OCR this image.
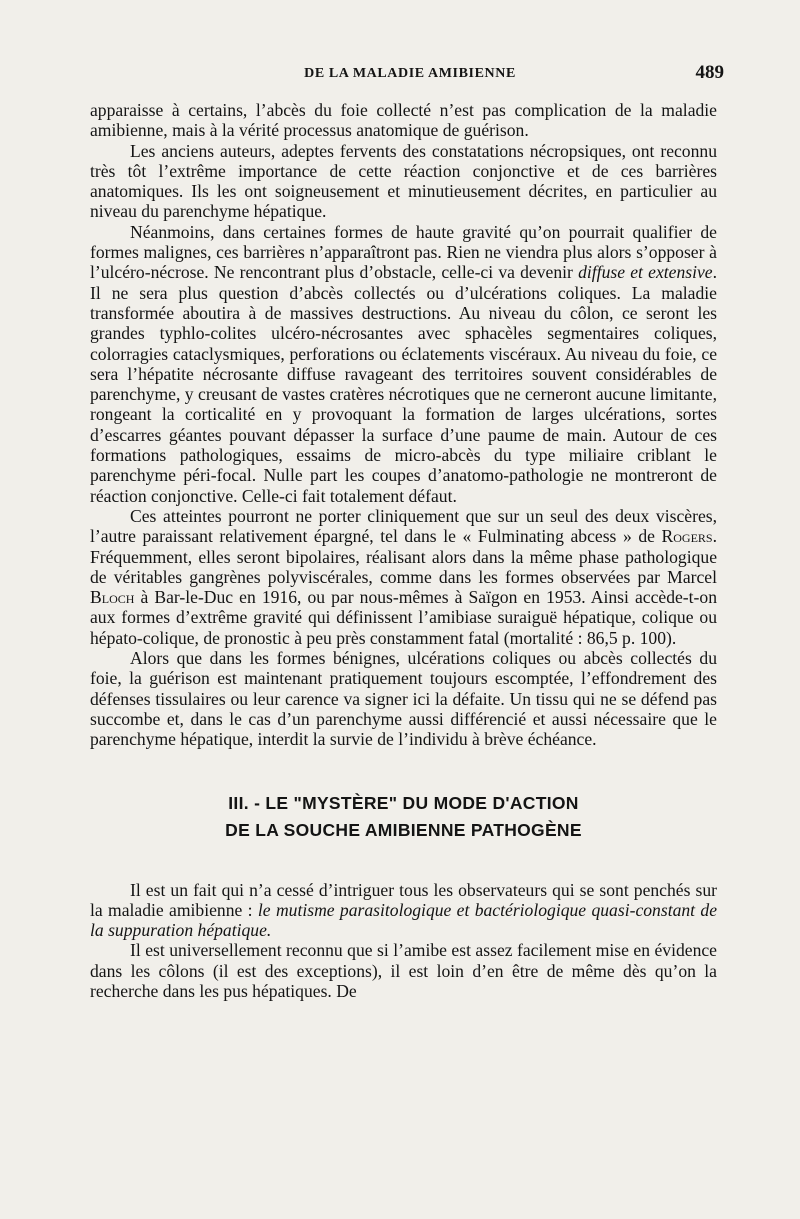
DE LA MALADIE AMIBIENNE	489

apparaisse à certains, l’abcès du foie collecté n’est pas complication de la maladie amibienne, mais à la vérité processus anatomique de guérison.

Les anciens auteurs, adeptes fervents des constatations nécropsiques, ont reconnu très tôt l’extrême importance de cette réaction conjonctive et de ces barrières anatomiques. Ils les ont soigneusement et minutieusement décrites, en particulier au niveau du parenchyme hépatique.

Néanmoins, dans certaines formes de haute gravité qu’on pourrait qualifier de formes malignes, ces barrières n’apparaîtront pas. Rien ne viendra plus alors s’opposer à l’ulcéro-nécrose. Ne rencontrant plus d’obstacle, celle-ci va devenir diffuse et extensive. Il ne sera plus question d’abcès collectés ou d’ulcérations coliques. La maladie transformée aboutira à de massives destructions. Au niveau du côlon, ce seront les grandes typhlo-colites ulcéro-nécrosantes avec sphacèles segmentaires coliques, colorragies cataclysmiques, perforations ou éclatements viscéraux. Au niveau du foie, ce sera l’hépatite nécrosante diffuse ravageant des territoires souvent considérables de parenchyme, y creusant de vastes cratères nécrotiques que ne cerneront aucune limitante, rongeant la corticalité en y provoquant la formation de larges ulcérations, sortes d’escarres géantes pouvant dépasser la surface d’une paume de main. Autour de ces formations pathologiques, essaims de micro-abcès du type miliaire criblant le parenchyme péri-focal. Nulle part les coupes d’anatomo-pathologie ne montreront de réaction conjonctive. Celle-ci fait totalement défaut.

Ces atteintes pourront ne porter cliniquement que sur un seul des deux viscères, l’autre paraissant relativement épargné, tel dans le « Fulminating abcess » de Rogers. Fréquemment, elles seront bipolaires, réalisant alors dans la même phase pathologique de véritables gangrènes polyviscérales, comme dans les formes observées par Marcel Bloch à Bar-le-Duc en 1916, ou par nous-mêmes à Saïgon en 1953. Ainsi accède-t-on aux formes d’extrême gravité qui définissent l’amibiase suraiguë hépatique, colique ou hépato-colique, de pronostic à peu près constamment fatal (mortalité : 86,5 p. 100).

Alors que dans les formes bénignes, ulcérations coliques ou abcès collectés du foie, la guérison est maintenant pratiquement toujours escomptée, l’effondrement des défenses tissulaires ou leur carence va signer ici la défaite. Un tissu qui ne se défend pas succombe et, dans le cas d’un parenchyme aussi différencié et aussi nécessaire que le parenchyme hépatique, interdit la survie de l’individu à brève échéance.

III. - LE "MYSTÈRE" DU MODE D'ACTION
DE LA SOUCHE AMIBIENNE PATHOGÈNE

Il est un fait qui n’a cessé d’intriguer tous les observateurs qui se sont penchés sur la maladie amibienne : le mutisme parasitologique et bactériologique quasi-constant de la suppuration hépatique.

Il est universellement reconnu que si l’amibe est assez facilement mise en évidence dans les côlons (il est des exceptions), il est loin d’en être de même dès qu’on la recherche dans les pus hépatiques. De
